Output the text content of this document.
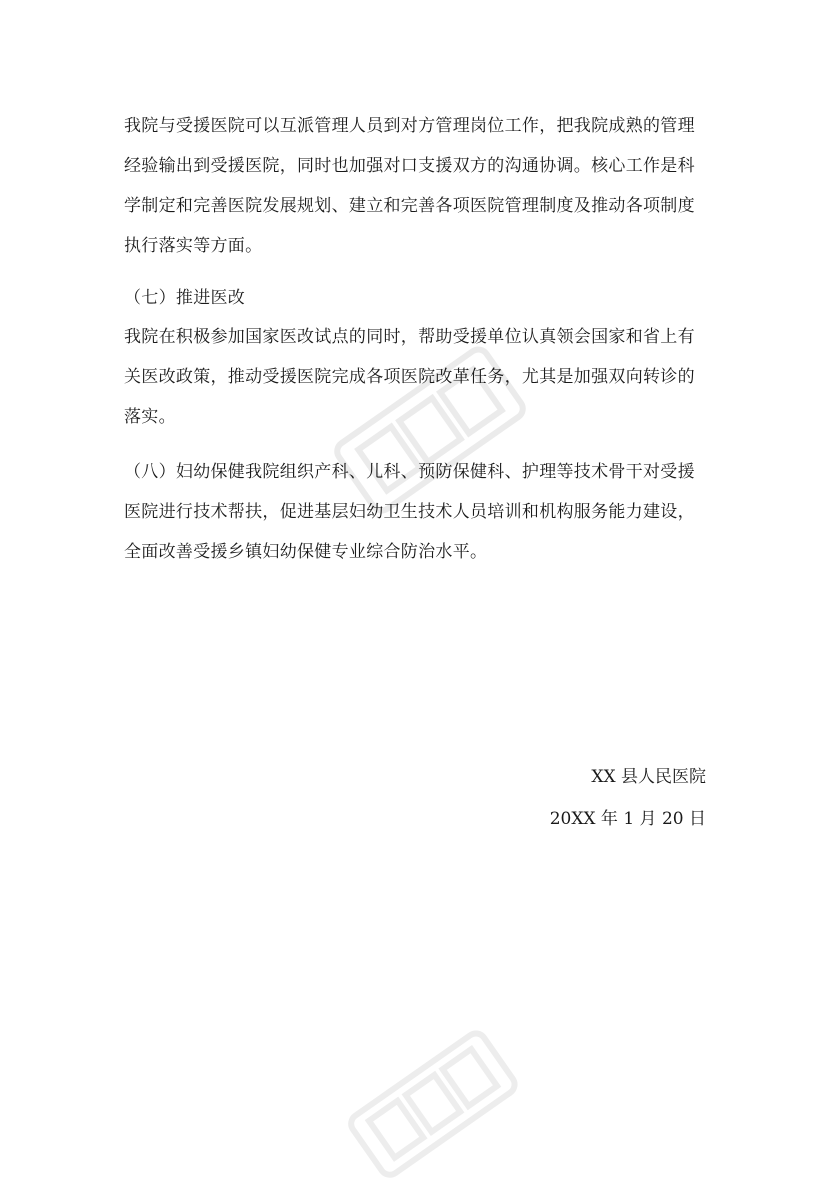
我院与受援医院可以互派管理人员到对方管理岗位工作，把我院成熟的管理经验输出到受援医院，同时也加强对口支援双方的沟通协调。核心工作是科学制定和完善医院发展规划、建立和完善各项医院管理制度及推动各项制度执行落实等方面。

（七）推进医改

我院在积极参加国家医改试点的同时，帮助受援单位认真领会国家和省上有关医改政策，推动受援医院完成各项医院改革任务，尤其是加强双向转诊的落实。

（八）妇幼保健我院组织产科、儿科、预防保健科、护理等技术骨干对受援医院进行技术帮扶，促进基层妇幼卫生技术人员培训和机构服务能力建设，全面改善受援乡镇妇幼保健专业综合防治水平。

XX 县人民医院

20XX 年 1 月 20 日
